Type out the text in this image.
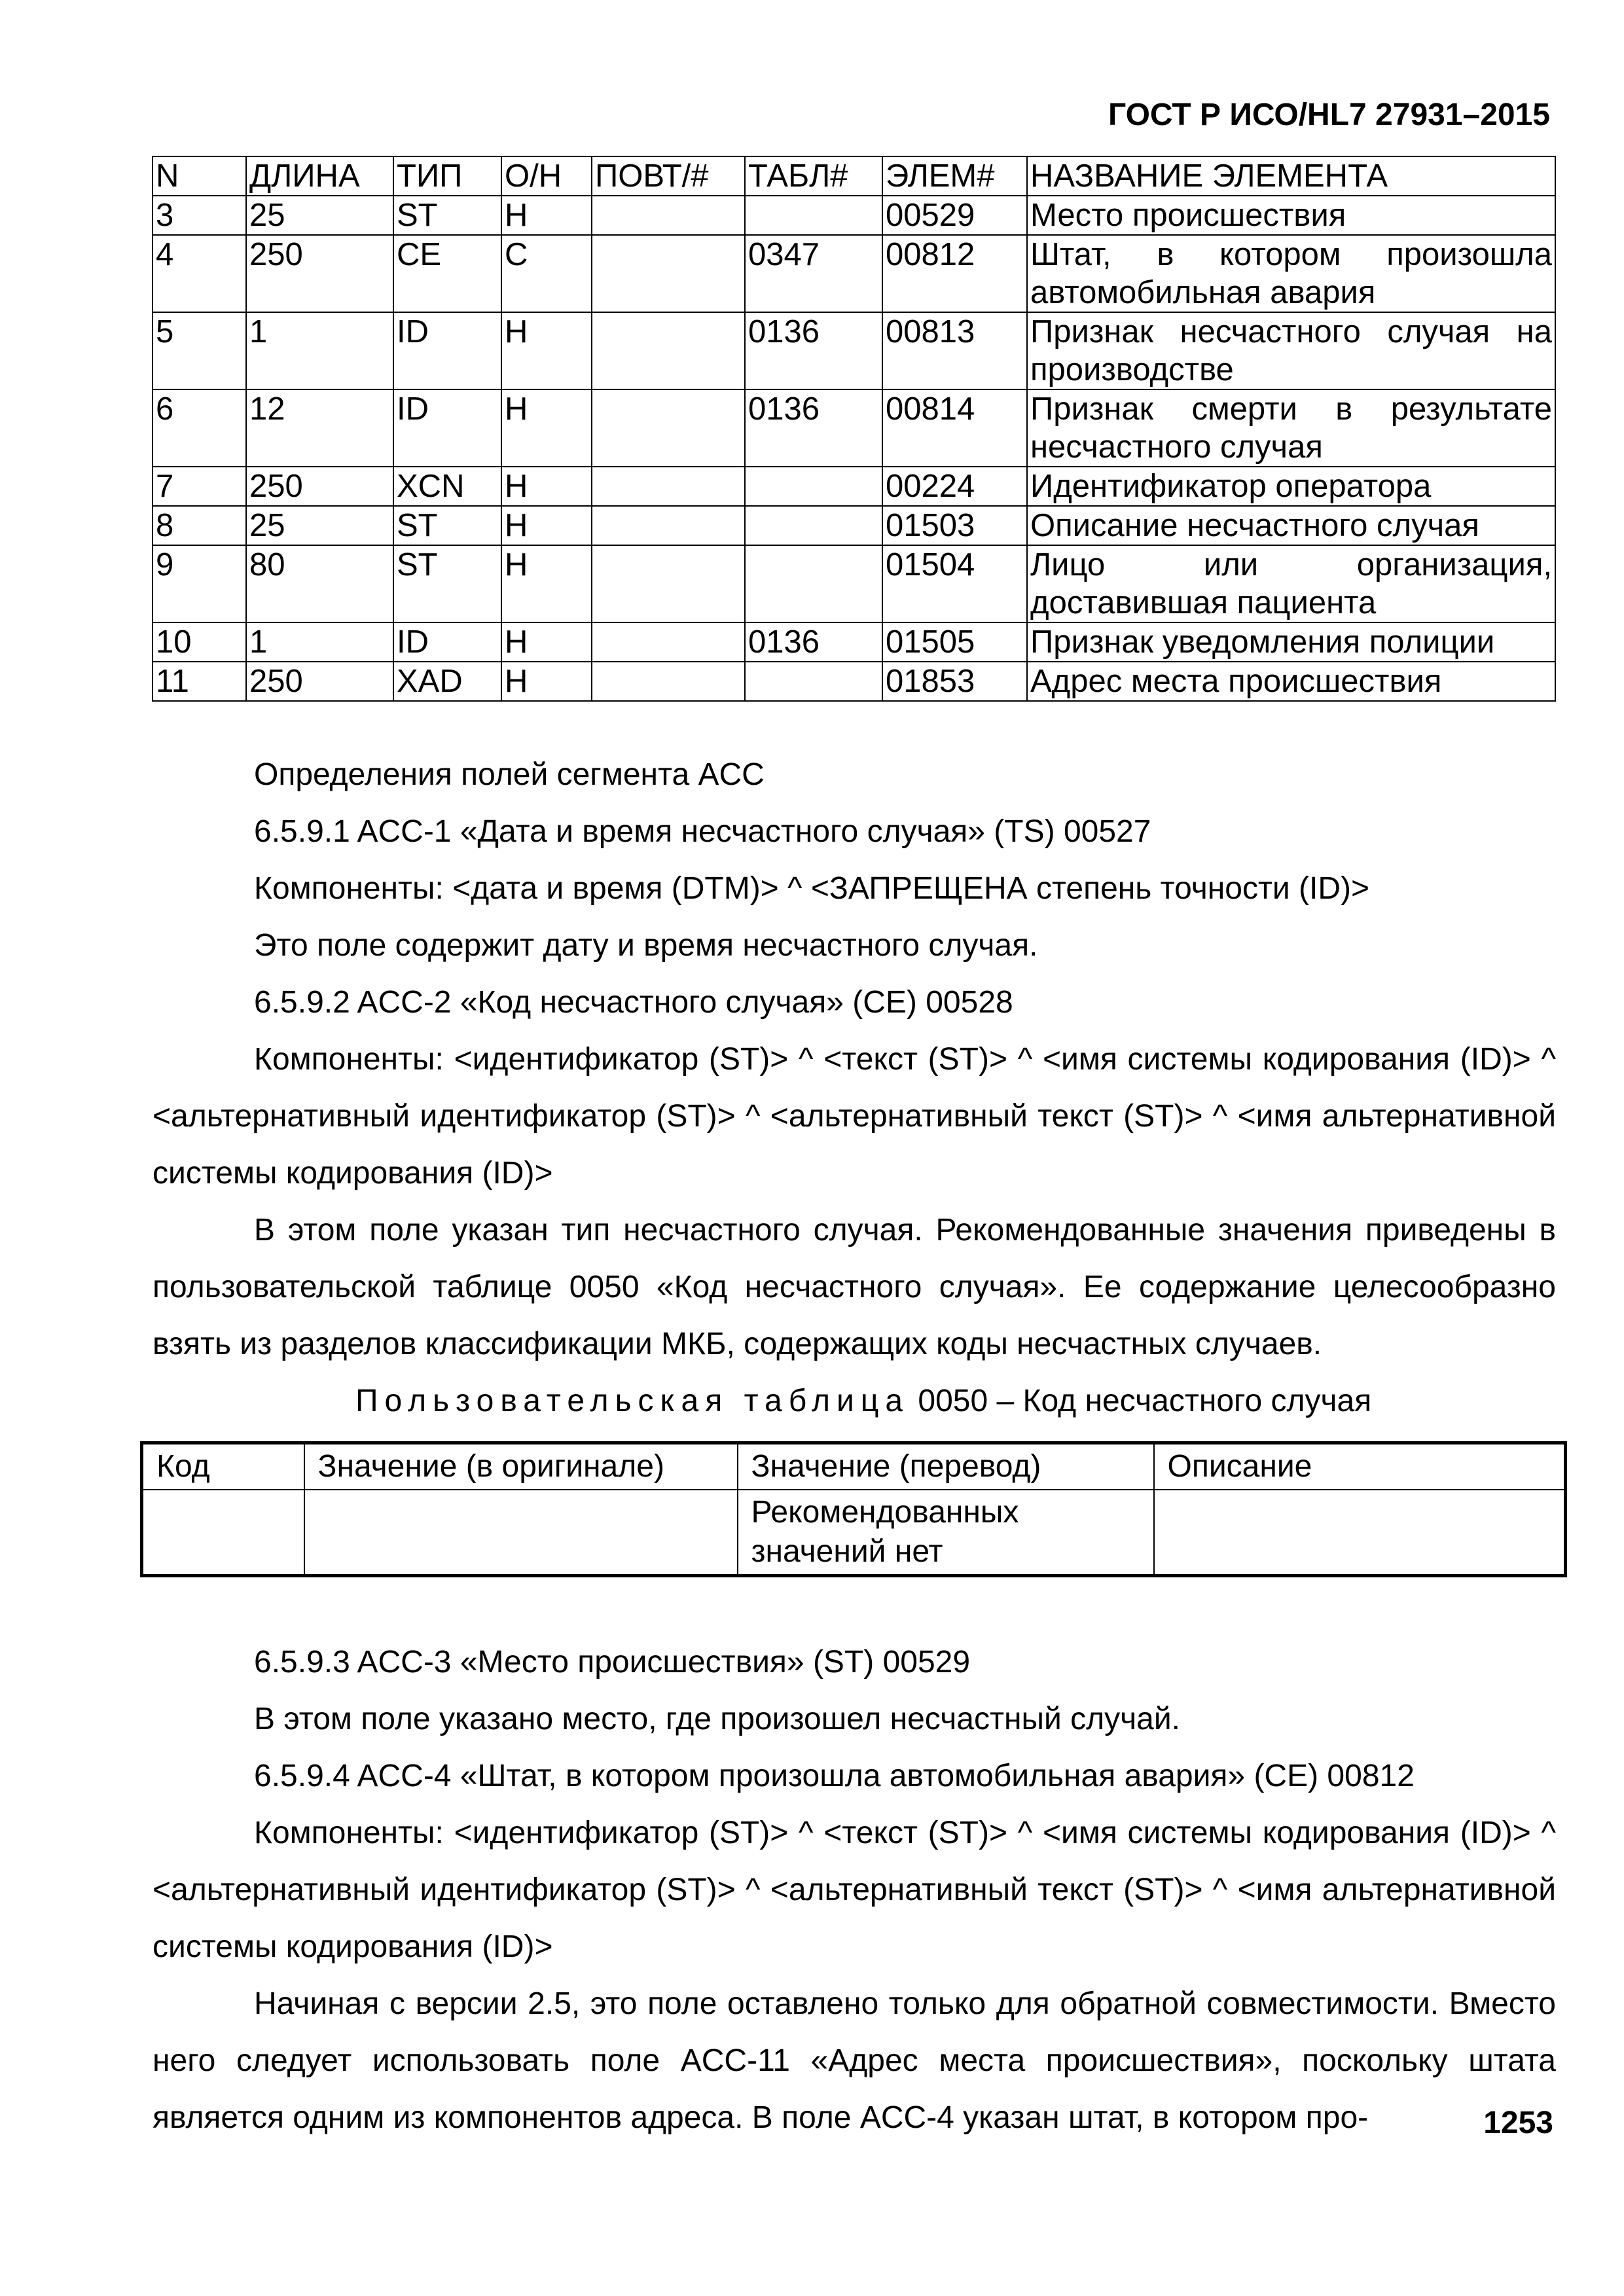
ГОСТ Р ИСО/HL7 27931–2015
N	ДЛИНА	ТИП	О/Н	ПОВТ/#	ТАБЛ#	ЭЛЕМ#	НАЗВАНИЕ ЭЛЕМЕНТА
3	25	ST	Н			00529	Место происшествия
4	250	CE	С		0347	00812	Штат, в котором произошла автомобильная авария
5	1	ID	Н		0136	00813	Признак несчастного случая на производстве
6	12	ID	Н		0136	00814	Признак смерти в результате несчастного случая
7	250	XCN	Н			00224	Идентификатор оператора
8	25	ST	Н			01503	Описание несчастного случая
9	80	ST	Н			01504	Лицо или организация, доставившая пациента
10	1	ID	Н		0136	01505	Признак уведомления полиции
11	250	XAD	Н			01853	Адрес места происшествия

Определения полей сегмента ACC

6.5.9.1 ACC-1 «Дата и время несчастного случая» (TS) 00527

Компоненты: <дата и время (DTM)> ^ <ЗАПРЕЩЕНА степень точности (ID)>

Это поле содержит дату и время несчастного случая.

6.5.9.2 ACC-2 «Код несчастного случая» (СЕ) 00528

Компоненты: <идентификатор (ST)> ^ <текст (ST)> ^ <имя системы кодирования (ID)> ^ <альтернативный идентификатор (ST)> ^ <альтернативный текст (ST)> ^ <имя альтернативной системы кодирования (ID)>

В этом поле указан тип несчастного случая. Рекомендованные значения приведены в пользовательской таблице 0050 «Код несчастного случая». Ее содержание целесообразно взять из разделов классификации МКБ, содержащих коды несчастных случаев.

Пользовательская таблица 0050 – Код несчастного случая

Код	Значение (в оригинале)	Значение (перевод)	Описание
		Рекомендованных значений нет	

6.5.9.3 ACC-3 «Место происшествия» (ST) 00529

В этом поле указано место, где произошел несчастный случай.

6.5.9.4 ACC-4 «Штат, в котором произошла автомобильная авария» (CE) 00812

Компоненты: <идентификатор (ST)> ^ <текст (ST)> ^ <имя системы кодирования (ID)> ^ <альтернативный идентификатор (ST)> ^ <альтернативный текст (ST)> ^ <имя альтернативной системы кодирования (ID)>

Начиная с версии 2.5, это поле оставлено только для обратной совместимости. Вместо него следует использовать поле ACC-11 «Адрес места происшествия», поскольку штата является одним из компонентов адреса. В поле ACC-4 указан штат, в котором про-	1253
